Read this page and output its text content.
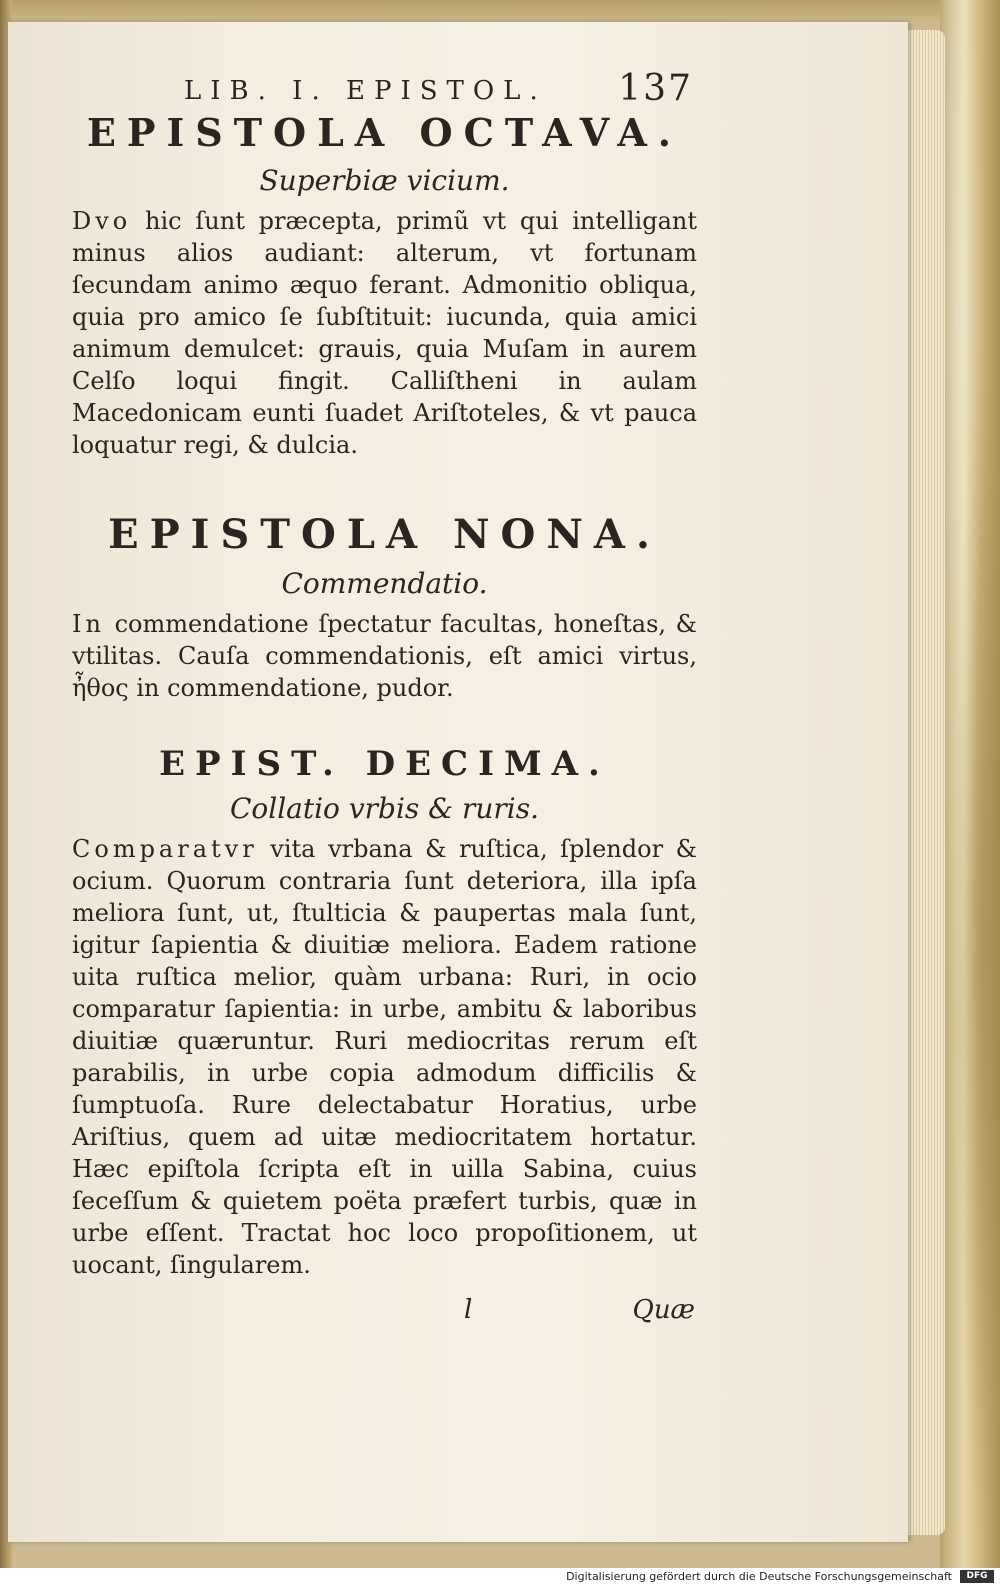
LIB. I. EPISTOL. 137
EPISTOLA OCTAVA.
Superbiæ vicium.

Dvo hic ſunt præcepta, primũ vt qui intelligant minus alios audiant: alterum, vt fortunam ſecundam animo æquo ferant. Admonitio obliqua, quia pro amico ſe ſubſtituit: iucunda, quia amici animum demulcet: grauis, quia Muſam in aurem Celſo loqui fingit. Calliſtheni in aulam Macedonicam eunti ſuadet Ariſtoteles, & vt pauca loquatur regi, & dulcia.

EPISTOLA NONA.
Commendatio.

In commendatione ſpectatur facultas, honeſtas, & vtilitas. Cauſa commendationis, eſt amici virtus, ἦθος in commendatione, pudor.

EPIST. DECIMA.
Collatio vrbis & ruris.

Comparatvr vita vrbana & ruſtica, ſplendor & ocium. Quorum contraria ſunt deteriora, illa ipſa meliora ſunt, ut, ſtulticia & paupertas mala ſunt, igitur ſapientia & diuitiæ meliora. Eadem ratione uita ruſtica melior, quàm urbana: Ruri, in ocio comparatur ſapientia: in urbe, ambitu & laboribus diuitiæ quæruntur. Ruri mediocritas rerum eſt parabilis, in urbe copia admodum difficilis & ſumptuoſa. Rure delectabatur Horatius, urbe Ariſtius, quem ad uitæ mediocritatem hortatur. Hæc epiſtola ſcripta eſt in uilla Sabina, cuius ſeceſſum & quietem poëta præfert turbis, quæ in urbe eſſent. Tractat hoc loco propoſitionem, ut uocant, ſingularem.

l	Quæ
Digitalisierung gefördert durch die Deutsche Forschungsgemeinschaft	DFG
